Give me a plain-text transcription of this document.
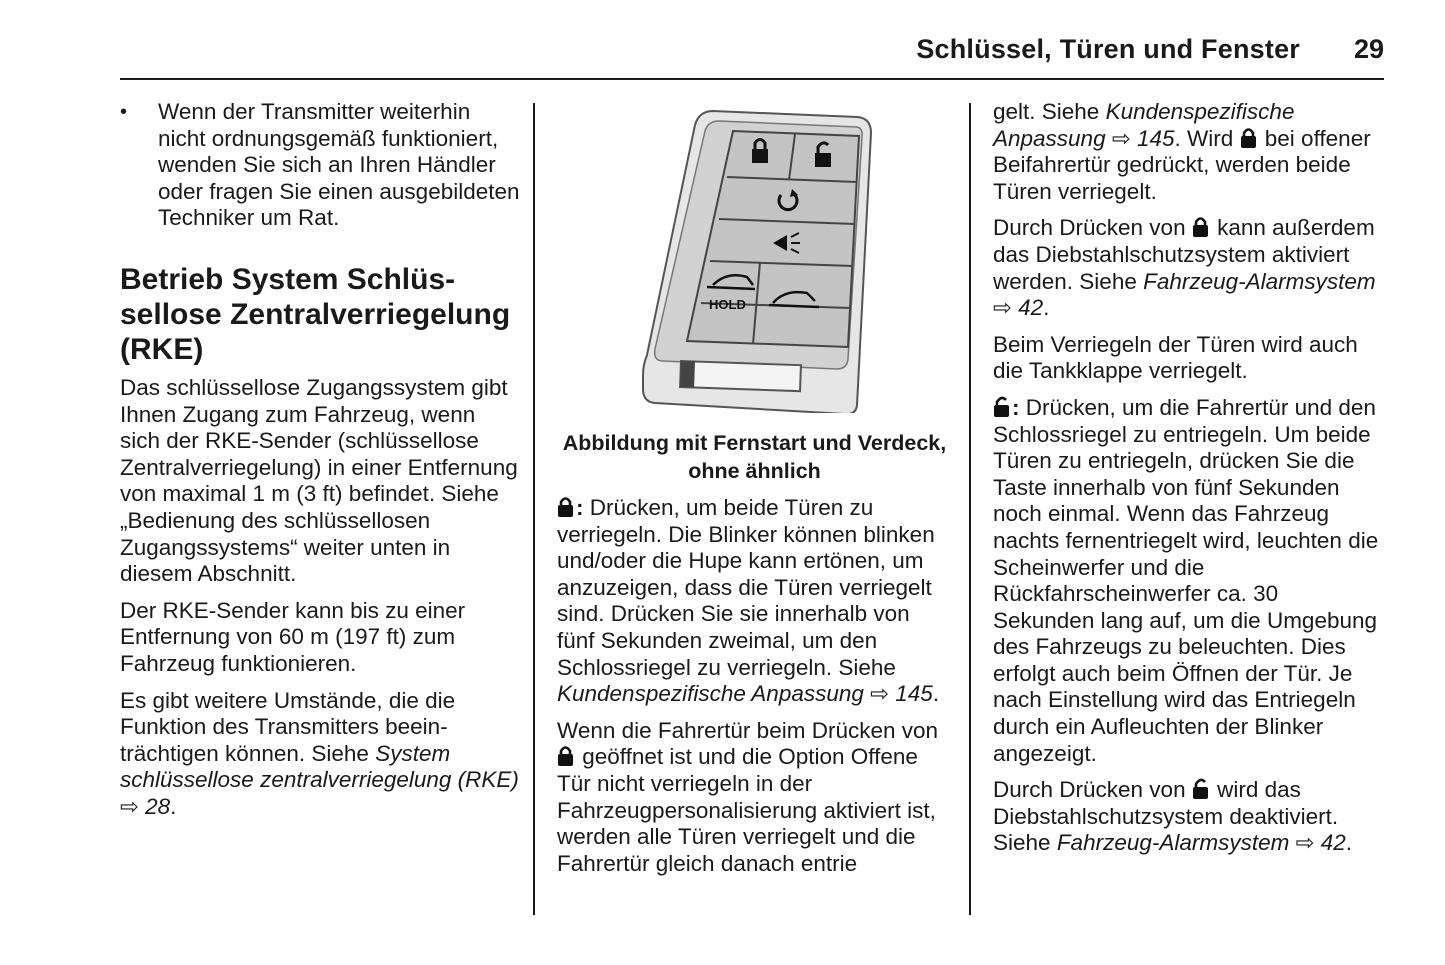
Schlüssel, Türen und Fenster 29
•	Wenn der Transmitter weiterhin nicht ordnungsgemäß funktioniert, wenden Sie sich an Ihren Händler oder fragen Sie einen ausgebildeten Techniker um Rat.
Betrieb System Schlüssellose Zentralverriegelung (RKE)

Das schlüssellose Zugangssystem gibt Ihnen Zugang zum Fahrzeug, wenn sich der RKE-Sender (schlüssellose Zentralverriegelung) in einer Entfernung von maximal 1 m (3 ft) befindet. Siehe „Bedienung des schlüssellosen Zugangssystems“ weiter unten in diesem Abschnitt.

Der RKE-Sender kann bis zu einer Entfernung von 60 m (197 ft) zum Fahrzeug funktionieren.

Es gibt weitere Umstände, die die Funktion des Transmitters beeinträchtigen können. Siehe System schlüssellose zentralverriegelung (RKE) ⇨ 28.

HOLD
Abbildung mit Fernstart und Verdeck, ohne ähnlich

: Drücken, um beide Türen zu verriegeln. Die Blinker können blinken und/oder die Hupe kann ertönen, um anzuzeigen, dass die Türen verriegelt sind. Drücken Sie sie innerhalb von fünf Sekunden zweimal, um den Schlossriegel zu verriegeln. Siehe Kundenspezifische Anpassung ⇨ 145.

Wenn die Fahrertür beim Drücken von  geöffnet ist und die Option Offene Tür nicht verriegeln in der Fahrzeugpersonalisierung aktiviert ist, werden alle Türen verriegelt und die Fahrertür gleich danach entrie

gelt. Siehe Kundenspezifische Anpassung ⇨ 145. Wird  bei offener Beifahrertür gedrückt, werden beide Türen verriegelt.

Durch Drücken von  kann außerdem das Diebstahlschutzsystem aktiviert werden. Siehe Fahrzeug-Alarmsystem ⇨ 42.

Beim Verriegeln der Türen wird auch die Tankklappe verriegelt.

: Drücken, um die Fahrertür und den Schlossriegel zu entriegeln. Um beide Türen zu entriegeln, drücken Sie die Taste innerhalb von fünf Sekunden noch einmal. Wenn das Fahrzeug nachts fernentriegelt wird, leuchten die Scheinwerfer und die Rückfahrscheinwerfer ca. 30 Sekunden lang auf, um die Umgebung des Fahrzeugs zu beleuchten. Dies erfolgt auch beim Öffnen der Tür. Je nach Einstellung wird das Entriegeln durch ein Aufleuchten der Blinker angezeigt.

Durch Drücken von  wird das Diebstahlschutzsystem deaktiviert. Siehe Fahrzeug-Alarmsystem ⇨ 42.
